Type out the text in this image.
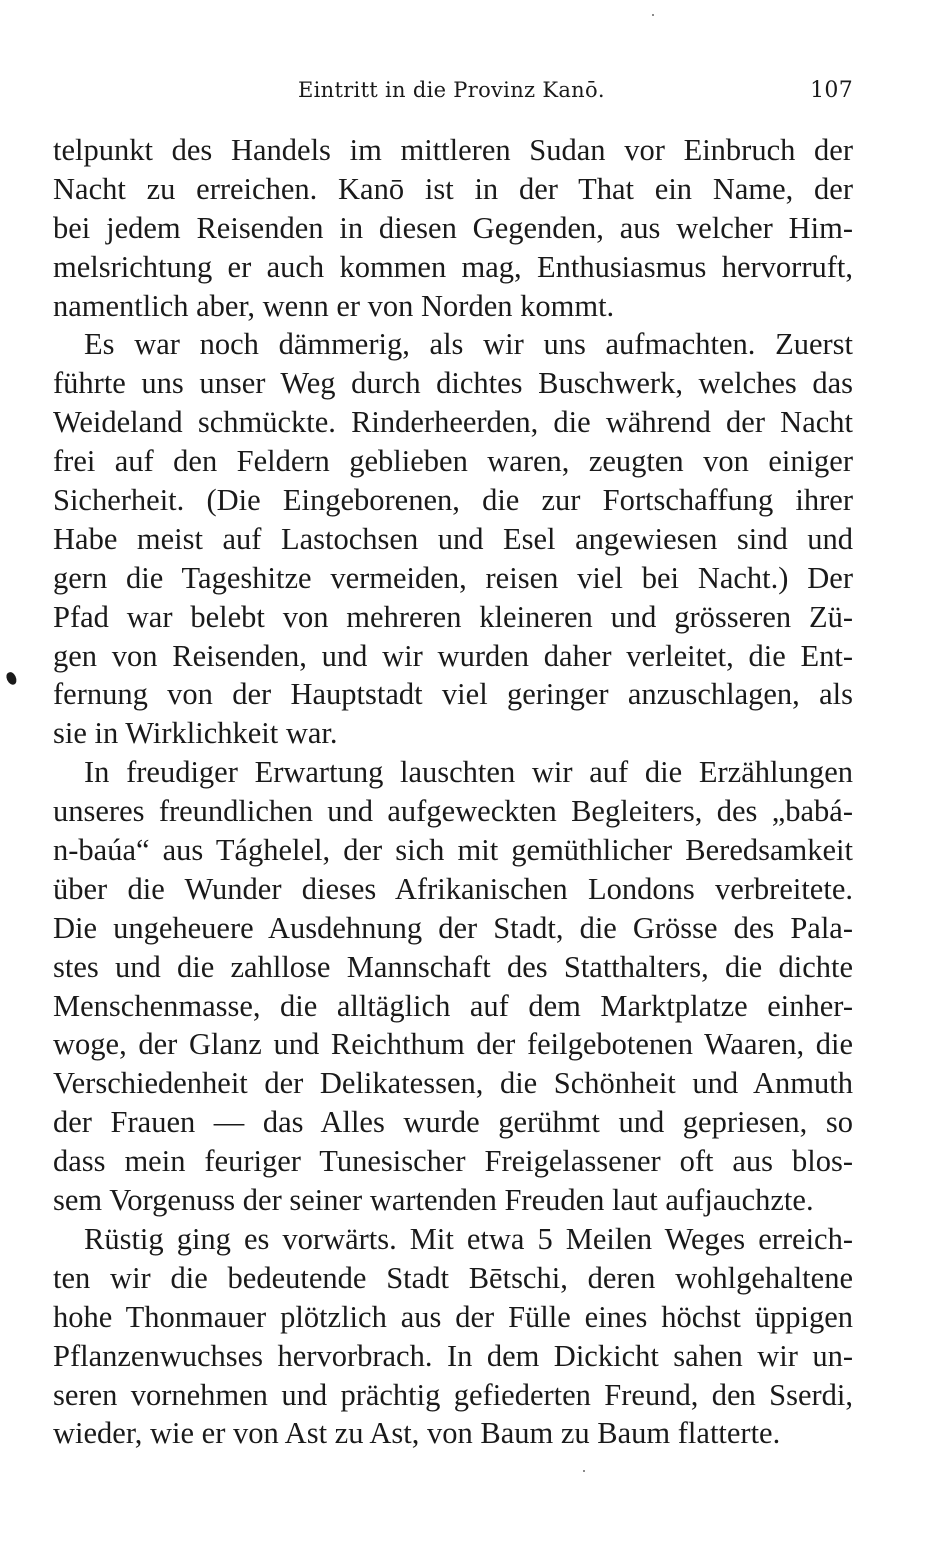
Eintritt in die Provinz Kanō.	107
telpunkt des Handels im mittleren Sudan vor Einbruch der
Nacht zu erreichen. Kanō ist in der That ein Name, der
bei jedem Reisenden in diesen Gegenden, aus welcher Him-
melsrichtung er auch kommen mag, Enthusiasmus hervorruft,
namentlich aber, wenn er von Norden kommt.
Es war noch dämmerig, als wir uns aufmachten. Zuerst
führte uns unser Weg durch dichtes Buschwerk, welches das
Weideland schmückte. Rinderheerden, die während der Nacht
frei auf den Feldern geblieben waren, zeugten von einiger
Sicherheit. (Die Eingeborenen, die zur Fortschaffung ihrer
Habe meist auf Lastochsen und Esel angewiesen sind und
gern die Tageshitze vermeiden, reisen viel bei Nacht.) Der
Pfad war belebt von mehreren kleineren und grösseren Zü-
gen von Reisenden, und wir wurden daher verleitet, die Ent-
fernung von der Hauptstadt viel geringer anzuschlagen, als
sie in Wirklichkeit war.
In freudiger Erwartung lauschten wir auf die Erzählungen
unseres freundlichen und aufgeweckten Begleiters, des „babá-
n-baúa“ aus Tághelel, der sich mit gemüthlicher Beredsamkeit
über die Wunder dieses Afrikanischen Londons verbreitete.
Die ungeheuere Ausdehnung der Stadt, die Grösse des Pala-
stes und die zahllose Mannschaft des Statthalters, die dichte
Menschenmasse, die alltäglich auf dem Marktplatze einher-
woge, der Glanz und Reichthum der feilgebotenen Waaren, die
Verschiedenheit der Delikatessen, die Schönheit und Anmuth
der Frauen — das Alles wurde gerühmt und gepriesen, so
dass mein feuriger Tunesischer Freigelassener oft aus blos-
sem Vorgenuss der seiner wartenden Freuden laut aufjauchzte.
Rüstig ging es vorwärts. Mit etwa 5 Meilen Weges erreich-
ten wir die bedeutende Stadt Bētschi, deren wohlgehaltene
hohe Thonmauer plötzlich aus der Fülle eines höchst üppigen
Pflanzenwuchses hervorbrach. In dem Dickicht sahen wir un-
seren vornehmen und prächtig gefiederten Freund, den Sserdi,
wieder, wie er von Ast zu Ast, von Baum zu Baum flatterte.
